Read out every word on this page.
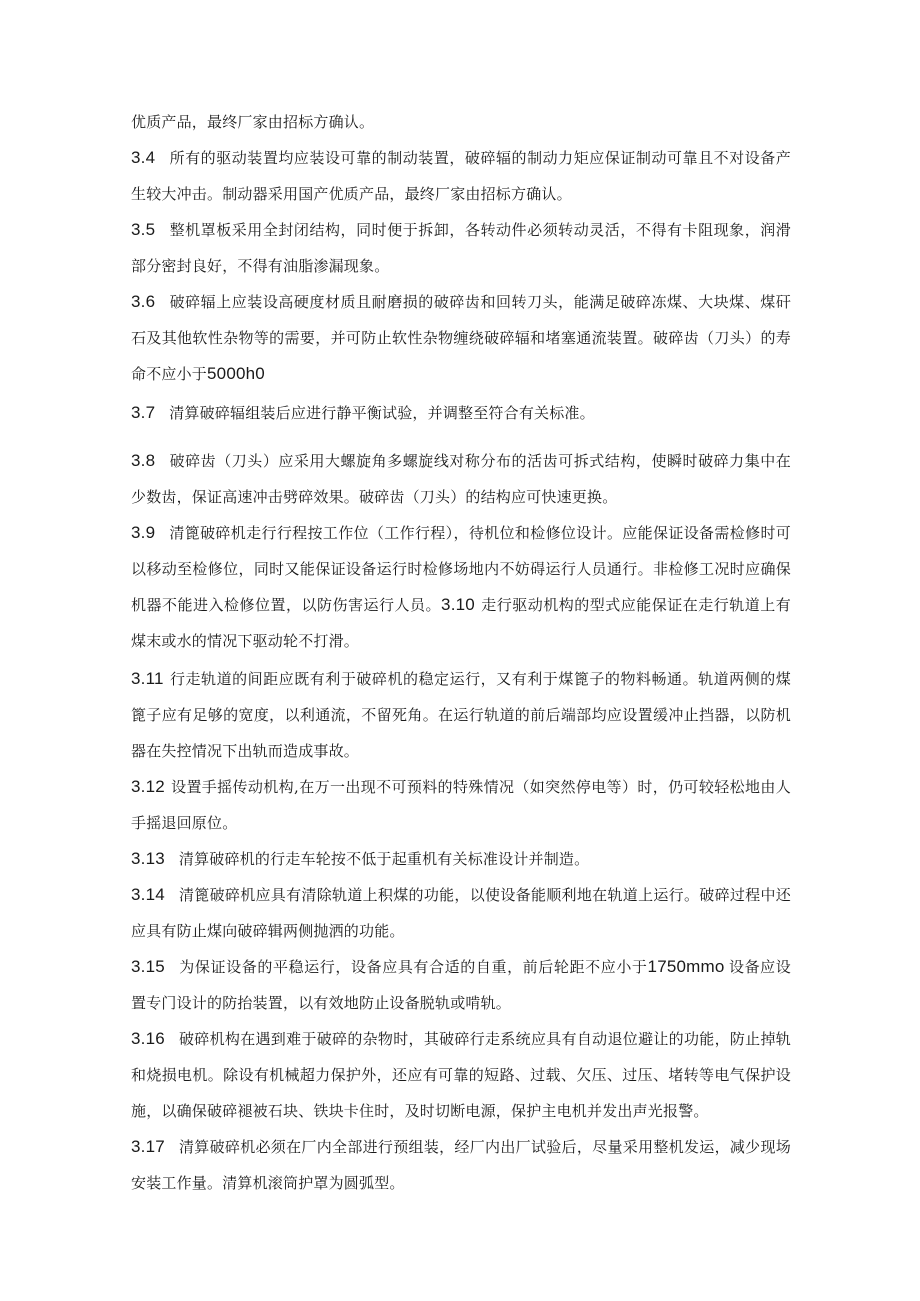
优质产品，最终厂家由招标方确认。

3.4 所有的驱动装置均应装设可靠的制动装置，破碎辐的制动力矩应保证制动可靠且不对设备产生较大冲击。制动器采用国产优质产品，最终厂家由招标方确认。

3.5 整机罩板采用全封闭结构，同时便于拆卸，各转动件必须转动灵活，不得有卡阻现象，润滑部分密封良好，不得有油脂渗漏现象。

3.6 破碎辐上应装设高硬度材质且耐磨损的破碎齿和回转刀头，能满足破碎冻煤、大块煤、煤矸石及其他软性杂物等的需要，并可防止软性杂物缠绕破碎辐和堵塞通流装置。破碎齿（刀头）的寿命不应小于5000h0

3.7 清算破碎辐组装后应进行静平衡试验，并调整至符合有关标准。

3.8 破碎齿（刀头）应采用大螺旋角多螺旋线对称分布的活齿可拆式结构，使瞬时破碎力集中在少数齿，保证高速冲击劈碎效果。破碎齿（刀头）的结构应可快速更换。

3.9 清篦破碎机走行行程按工作位（工作行程），待机位和检修位设计。应能保证设备需检修时可以移动至检修位，同时又能保证设备运行时检修场地内不妨碍运行人员通行。非检修工况时应确保机器不能进入检修位置，以防伤害运行人员。3.10 走行驱动机构的型式应能保证在走行轨道上有煤末或水的情况下驱动轮不打滑。

3.11 行走轨道的间距应既有利于破碎机的稳定运行，又有利于煤篦子的物料畅通。轨道两侧的煤篦子应有足够的宽度，以利通流，不留死角。在运行轨道的前后端部均应设置缓冲止挡器，以防机器在失控情况下出轨而造成事故。

3.12 设置手摇传动机构,在万一出现不可预料的特殊情况（如突然停电等）时，仍可较轻松地由人手摇退回原位。

3.13 清算破碎机的行走车轮按不低于起重机有关标准设计并制造。

3.14 清篦破碎机应具有清除轨道上积煤的功能，以使设备能顺利地在轨道上运行。破碎过程中还应具有防止煤向破碎辑两侧抛洒的功能。

3.15 为保证设备的平稳运行，设备应具有合适的自重，前后轮距不应小于1750mmo 设备应设置专门设计的防抬装置，以有效地防止设备脱轨或啃轨。

3.16 破碎机构在遇到难于破碎的杂物时，其破碎行走系统应具有自动退位避让的功能，防止掉轨和烧损电机。除设有机械超力保护外，还应有可靠的短路、过载、欠压、过压、堵转等电气保护设施，以确保破碎褪被石块、铁块卡住时，及时切断电源，保护主电机并发出声光报警。

3.17 清算破碎机必须在厂内全部进行预组装，经厂内出厂试验后，尽量采用整机发运，减少现场安装工作量。清算机滚筒护罩为圆弧型。
